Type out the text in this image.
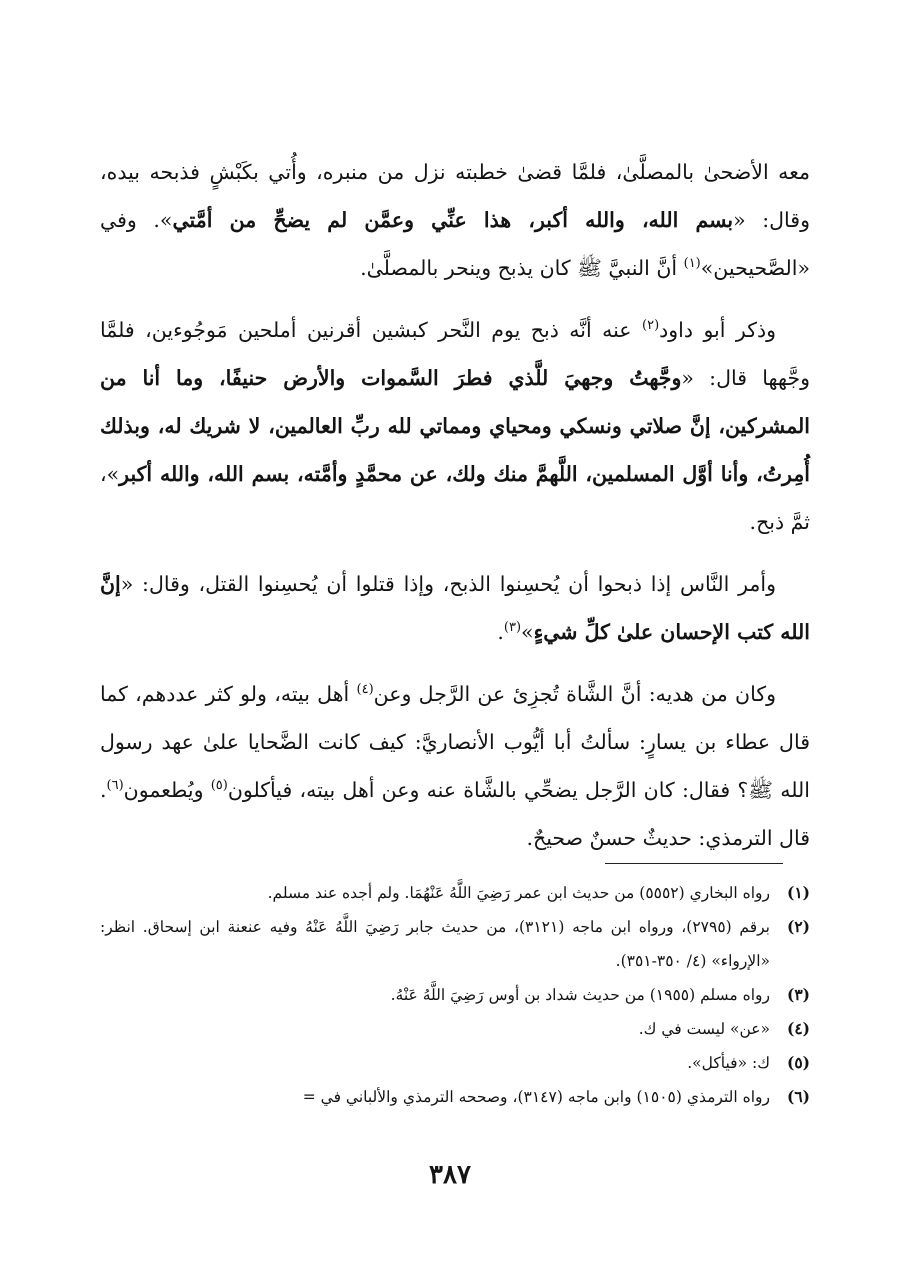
معه الأضحىٰ بالمصلَّىٰ، فلمَّا قضىٰ خطبته نزل من منبره، وأُتي بكَبْشٍ فذبحه بيده، وقال: «بسم الله، والله أكبر، هذا عنِّي وعمَّن لم يضحِّ من أمَّتي». وفي «الصَّحيحين»$^{(١)}$ أنَّ النبيَّ ﷺ كان يذبح وينحر بالمصلَّىٰ.

وذكر أبو داود$^{(٢)}$ عنه أنَّه ذبح يوم النَّحر كبشين أقرنين أملحين مَوجُوءين، فلمَّا وجَّهها قال: «وجَّهتُ وجهيَ للَّذي فطرَ السَّموات والأرض حنيفًا، وما أنا من المشركين، إنَّ صلاتي ونسكي ومحياي ومماتي لله ربِّ العالمين، لا شريك له، وبذلك أُمِرتُ، وأنا أوَّل المسلمين، اللَّهمَّ منك ولك، عن محمَّدٍ وأمَّته، بسم الله، والله أكبر»، ثمَّ ذبح.

وأمر النَّاس إذا ذبحوا أن يُحسِنوا الذبح، وإذا قتلوا أن يُحسِنوا القتل، وقال: «إنَّ الله كتب الإحسان علىٰ كلِّ شيءٍ»$^{(٣)}$.

وكان من هديه: أنَّ الشَّاة تُجزِئ عن الرَّجل وعن$^{(٤)}$ أهل بيته، ولو كثر عددهم، كما قال عطاء بن يسارٍ: سألتُ أبا أيُّوب الأنصاريَّ: كيف كانت الضَّحايا علىٰ عهد رسول الله ﷺ؟ فقال: كان الرَّجل يضحِّي بالشَّاة عنه وعن أهل بيته، فيأكلون$^{(٥)}$ ويُطعمون$^{(٦)}$. قال الترمذي: حديثٌ حسنٌ صحيحٌ.

(١)
رواه البخاري (٥٥٥٢) من حديث ابن عمر رَضِيَ اللَّهُ عَنْهُمَا. ولم أجده عند مسلم.
(٢)
برقم (٢٧٩٥)، ورواه ابن ماجه (٣١٢١)، من حديث جابر رَضِيَ اللَّهُ عَنْهُ وفيه عنعنة ابن إسحاق. انظر: «الإرواء» (٤/ ٣٥٠-٣٥١).
(٣)
رواه مسلم (١٩٥٥) من حديث شداد بن أوس رَضِيَ اللَّهُ عَنْهُ.
(٤)
«عن» ليست في ك.
(٥)
ك: «فيأكل».
(٦)
رواه الترمذي (١٥٠٥) وابن ماجه (٣١٤٧)، وصححه الترمذي والألباني في =
٣٨٧
